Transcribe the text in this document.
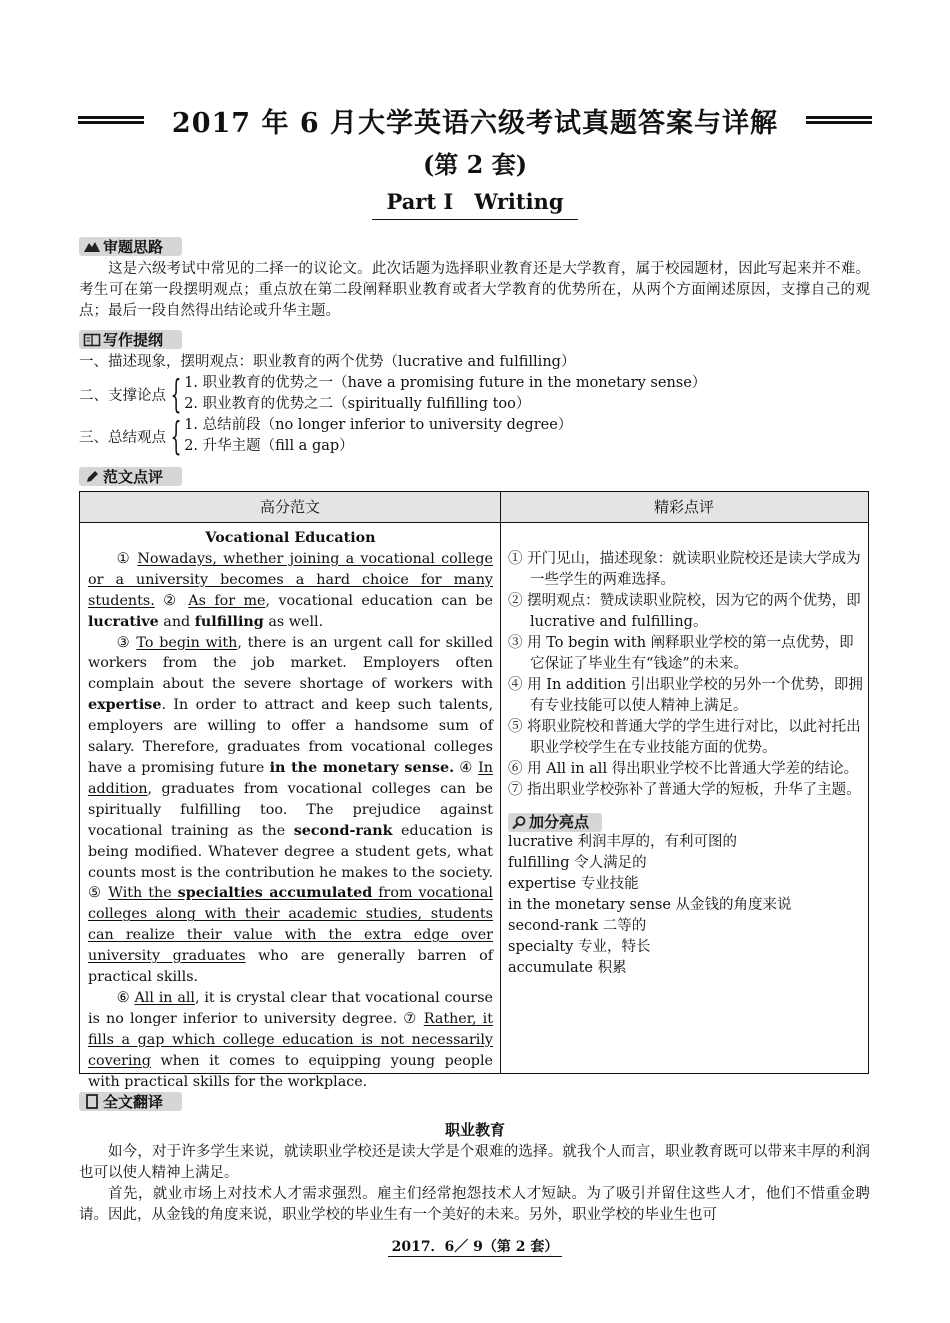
2017 年 6 月大学英语六级考试真题答案与详解
(第 2 套)
Part I　Writing
审题思路
这是六级考试中常见的二择一的议论文。此次话题为选择职业教育还是大学教育，属于校园题材，因此写起来并不难。考生可在第一段摆明观点；重点放在第二段阐释职业教育或者大学教育的优势所在，从两个方面阐述原因，支撑自己的观点；最后一段自然得出结论或升华主题。
写作提纲
一、描述现象，摆明观点：职业教育的两个优势（lucrative and fulfilling）
二、支撑论点 { 1. 职业教育的优势之一（have a promising future in the monetary sense）
2. 职业教育的优势之二（spiritually fulfilling too）
三、总结观点 { 1. 总结前段（no longer inferior to university degree）
2. 升华主题（fill a gap）
范文点评
高分范文	精彩点评
Vocational Education
① Nowadays, whether joining a vocational college or a university becomes a hard choice for many students. ② As for me, vocational education can be lucrative and fulfilling as well.
③ To begin with, there is an urgent call for skilled workers from the job market. Employers often complain about the severe shortage of workers with expertise. In order to attract and keep such talents, employers are willing to offer a handsome sum of salary. Therefore, graduates from vocational colleges have a promising future in the monetary sense. ④ In addition, graduates from vocational colleges can be spiritually fulfilling too. The prejudice against vocational training as the second-rank education is being modified. Whatever degree a student gets, what counts most is the contribution he makes to the society. ⑤ With the specialties accumulated from vocational colleges along with their academic studies, students can realize their value with the extra edge over university graduates who are generally barren of practical skills.
⑥ All in all, it is crystal clear that vocational course is no longer inferior to university degree. ⑦ Rather, it fills a gap which college education is not necessarily covering when it comes to equipping young people with practical skills for the workplace.
① 开门见山，描述现象：就读职业院校还是读大学成为一些学生的两难选择。
② 摆明观点：赞成读职业院校，因为它的两个优势，即 lucrative and fulfilling。
③ 用 To begin with 阐释职业学校的第一点优势，即它保证了毕业生有“钱途”的未来。
④ 用 In addition 引出职业学校的另外一个优势，即拥有专业技能可以使人精神上满足。
⑤ 将职业院校和普通大学的学生进行对比，以此衬托出职业学校学生在专业技能方面的优势。
⑥ 用 All in all 得出职业学校不比普通大学差的结论。
⑦ 指出职业学校弥补了普通大学的短板，升华了主题。
加分亮点
lucrative 利润丰厚的，有利可图的
fulfilling 令人满足的
expertise 专业技能
in the monetary sense 从金钱的角度来说
second-rank 二等的
specialty 专业，特长
accumulate 积累
全文翻译
职业教育
如今，对于许多学生来说，就读职业学校还是读大学是个艰难的选择。就我个人而言，职业教育既可以带来丰厚的利润也可以使人精神上满足。
首先，就业市场上对技术人才需求强烈。雇主们经常抱怨技术人才短缺。为了吸引并留住这些人才，他们不惜重金聘请。因此，从金钱的角度来说，职业学校的毕业生有一个美好的未来。另外，职业学校的毕业生也可
2017．6／ 9（第 2 套）
